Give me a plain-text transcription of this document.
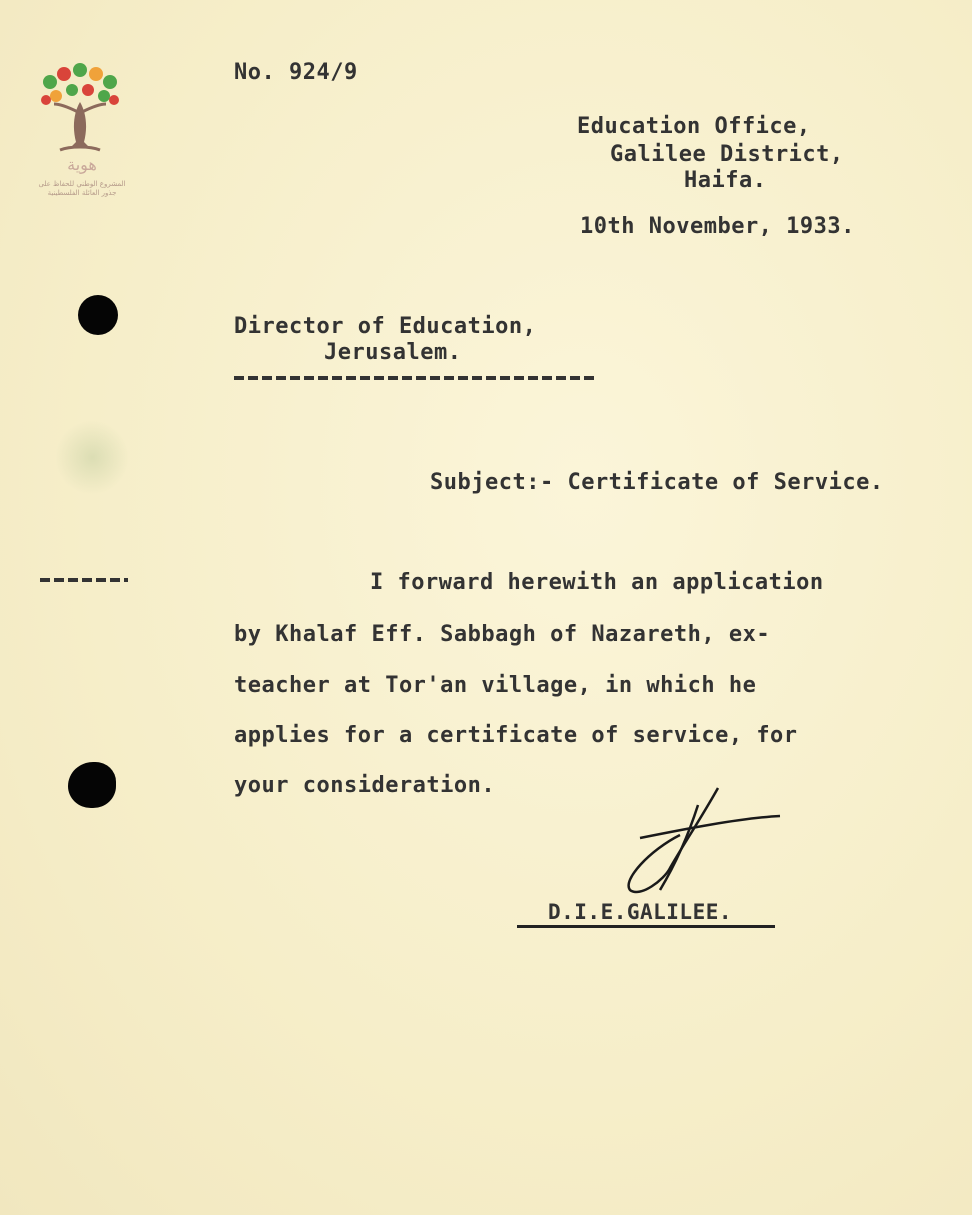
هوية
المشروع الوطني للحفاظ على
جذور العائلة الفلسطينية
No. 924/9
Education Office,
Galilee District,
Haifa.
10th November, 1933.
Director of Education,
Jerusalem.
Subject:- Certificate of Service.
I forward herewith an application
by Khalaf Eff. Sabbagh of Nazareth, ex-
teacher at Tor'an village, in which he
applies for a certificate of service, for
your consideration.
D.I.E.GALILEE.
